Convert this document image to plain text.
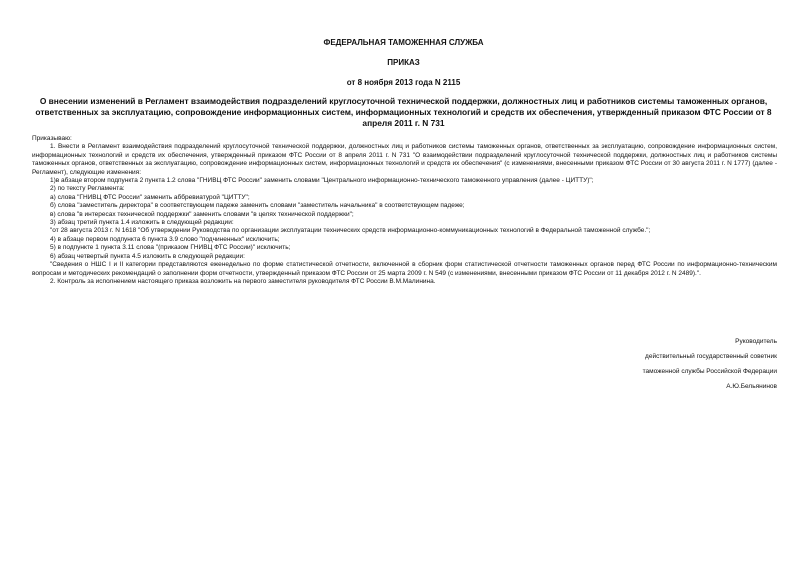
ФЕДЕРАЛЬНАЯ ТАМОЖЕННАЯ СЛУЖБА
ПРИКАЗ
от 8 ноября 2013 года N 2115
О внесении изменений в Регламент взаимодействия подразделений круглосуточной технической поддержки, должностных лиц и работников системы таможенных органов, ответственных за эксплуатацию, сопровождение информационных систем, информационных технологий и средств их обеспечения, утвержденный приказом ФТС России от 8 апреля 2011 г. N 731

Приказываю:

1. Внести в Регламент взаимодействия подразделений круглосуточной технической поддержки, должностных лиц и работников системы таможенных органов, ответственных за эксплуатацию, сопровождение информационных систем, информационных технологий и средств их обеспечения, утвержденный приказом ФТС России от 8 апреля 2011 г. N 731 "О взаимодействии подразделений круглосуточной технической поддержки, должностных лиц и работников системы таможенных органов, ответственных за эксплуатацию, сопровождение информационных систем, информационных технологий и средств их обеспечения" (с изменениями, внесенными приказом ФТС России от 30 августа 2011 г. N 1777) (далее - Регламент), следующие изменения:

1)в абзаце втором подпункта 2 пункта 1.2 слова "ГНИВЦ ФТС России" заменить словами "Центрального информационно-технического таможенного управления (далее - ЦИТТУ)";

2) по тексту Регламента:

а) слова "ГНИВЦ ФТС России" заменить аббревиатурой "ЦИТТУ";

б) слова "заместитель директора" в соответствующем падеже заменить словами "заместитель начальника" в соответствующем падеже;

в) слова "в интересах технической поддержки" заменить словами "в целях технической поддержки";

3) абзац третий пункта 1.4 изложить в следующей редакции:

"от 28 августа 2013 г. N 1618 "Об утверждении Руководства по организации эксплуатации технических средств информационно-коммуникационных технологий в Федеральной таможенной службе.";

4) в абзаце первом подпункта 6 пункта 3.9 слово "подчиненных" исключить;

5) в подпункте 1 пункта 3.11 слова "(приказом ГНИВЦ ФТС России)" исключить;

6) абзац четвертый пункта 4.5 изложить в следующей редакции:

"Сведения о НШС I и II категории представляются еженедельно по форме статистической отчетности, включенной в сборник форм статистической отчетности таможенных органов перед ФТС России по информационно-техническим вопросам и методических рекомендаций о заполнении форм отчетности, утвержденный приказом ФТС России от 25 марта 2009 г. N 549 (с изменениями, внесенными приказом ФТС России от 11 декабря 2012 г. N 2489).".

2. Контроль за исполнением настоящего приказа возложить на первого заместителя руководителя ФТС России В.М.Малинина.

Руководитель
действительный государственный советник
таможенной службы Российской Федерации
А.Ю.Бельянинов
